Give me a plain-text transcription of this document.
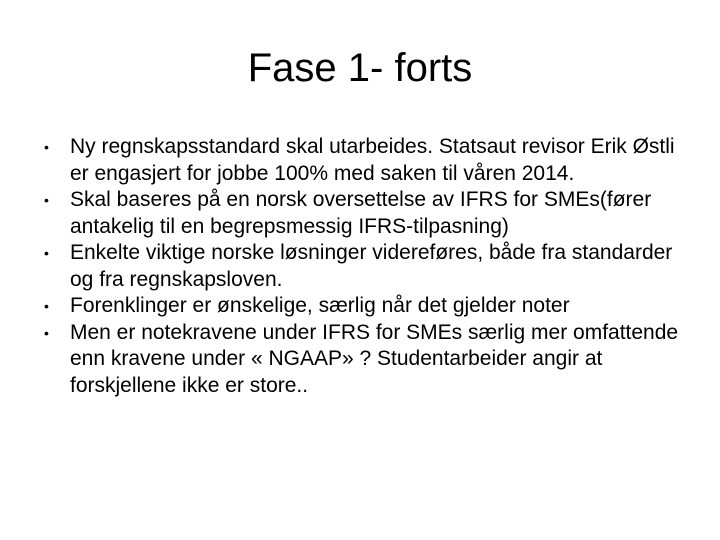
Fase 1- forts
•	Ny regnskapsstandard skal utarbeides. Statsaut revisor Erik Østli er engasjert for jobbe 100% med saken til våren 2014.
•	Skal baseres på en norsk oversettelse av IFRS for SMEs(fører antakelig til en begrepsmessig IFRS-tilpasning)
•	Enkelte viktige norske løsninger videreføres, både fra standarder og fra regnskapsloven.
•	Forenklinger er ønskelige, særlig når det gjelder noter
•	Men er notekravene under IFRS for SMEs særlig mer omfattende enn kravene under « NGAAP» ? Studentarbeider angir at forskjellene ikke er store..
